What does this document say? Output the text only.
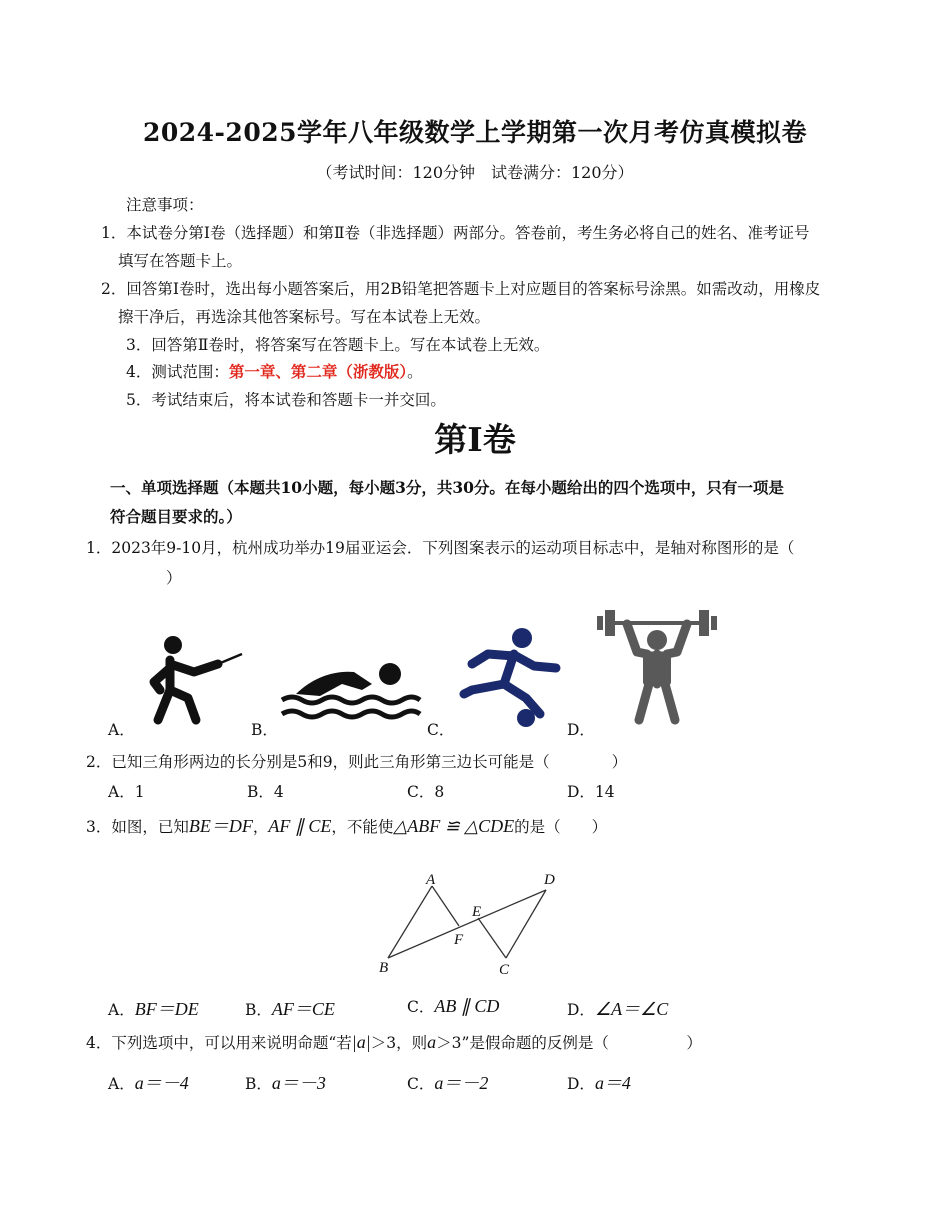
2024-2025学年八年级数学上学期第一次月考仿真模拟卷
（考试时间：120分钟　试卷满分：120分）
注意事项：
1．本试卷分第Ⅰ卷（选择题）和第Ⅱ卷（非选择题）两部分。答卷前，考生务必将自己的姓名、准考证号
填写在答题卡上。
2．回答第Ⅰ卷时，选出每小题答案后，用2B铅笔把答题卡上对应题目的答案标号涂黑。如需改动，用橡皮
擦干净后，再选涂其他答案标号。写在本试卷上无效。
3．回答第Ⅱ卷时，将答案写在答题卡上。写在本试卷上无效。
4．测试范围：第一章、第二章（浙教版）。
5．考试结束后，将本试卷和答题卡一并交回。
第Ⅰ卷
一、单项选择题（本题共10小题，每小题3分，共30分。在每小题给出的四个选项中，只有一项是
符合题目要求的。）
1．2023年9-10月，杭州成功举办19届亚运会．下列图案表示的运动项目标志中，是轴对称图形的是（
）
A．	B．	C．	D．
2．已知三角形两边的长分别是5和9，则此三角形第三边长可能是（　　　　）
A．1	B．4	C．8	D．14
3．如图，已知BE＝DF，AF ∥ CE，不能使△ABF ≌ △CDE的是（　　）
A
B	C
D
E
F
A．BF＝DE	B．AF＝CE	C．AB ∥ CD	D．∠A＝∠C
4．下列选项中，可以用来说明命题“若|a|＞3，则a＞3”是假命题的反例是（　　　　　）
A．a＝－4	B．a＝－3	C．a＝－2	D．a＝4
